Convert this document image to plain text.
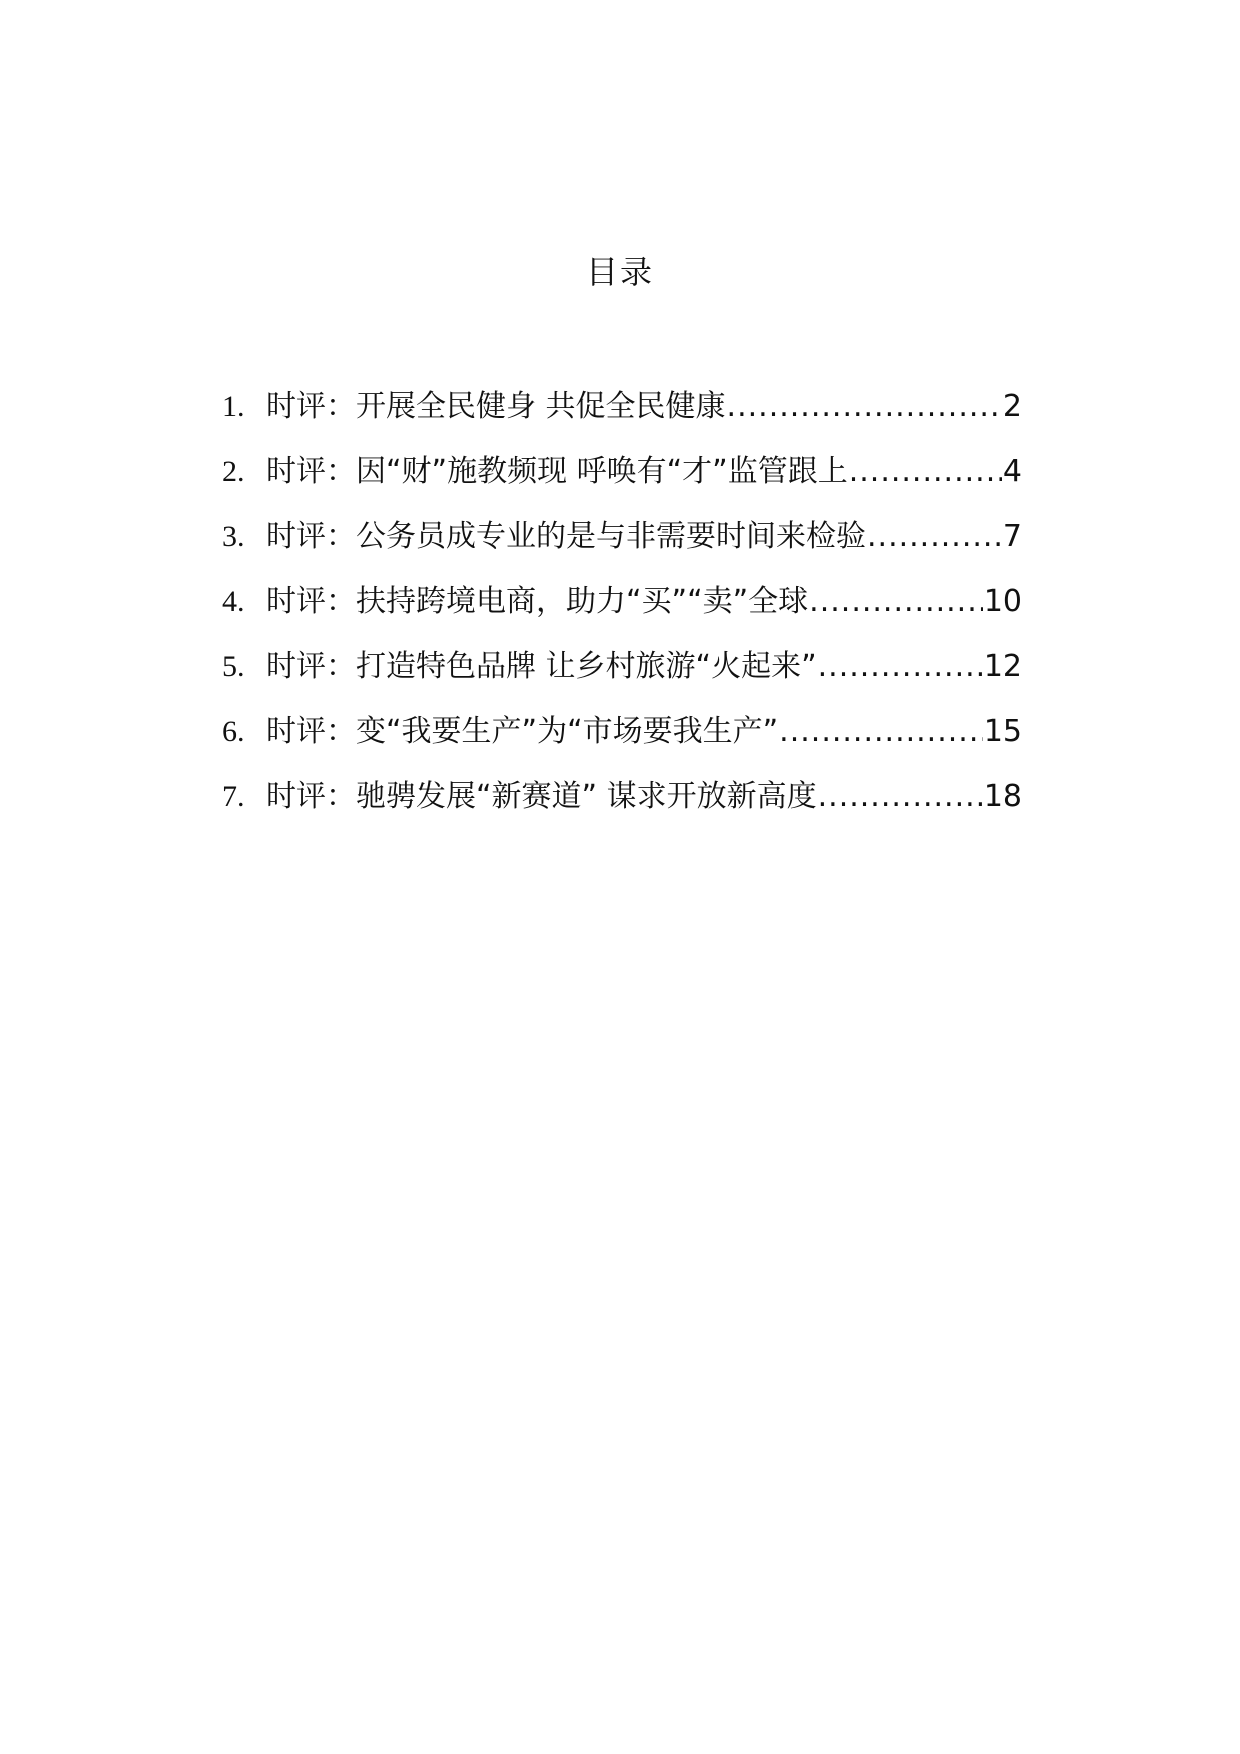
目录
1. 时评：开展全民健身 共促全民健康 .....	2
2. 时评：因“财”施教频现 呼唤有“才”监管跟上 .....	4
3. 时评：公务员成专业的是与非需要时间来检验 .....	7
4. 时评：扶持跨境电商，助力“买”“卖”全球 .....	10
5. 时评：打造特色品牌 让乡村旅游“火起来” .....	12
6. 时评：变“我要生产”为“市场要我生产” .....	15
7. 时评：驰骋发展“新赛道” 谋求开放新高度 .....	18
